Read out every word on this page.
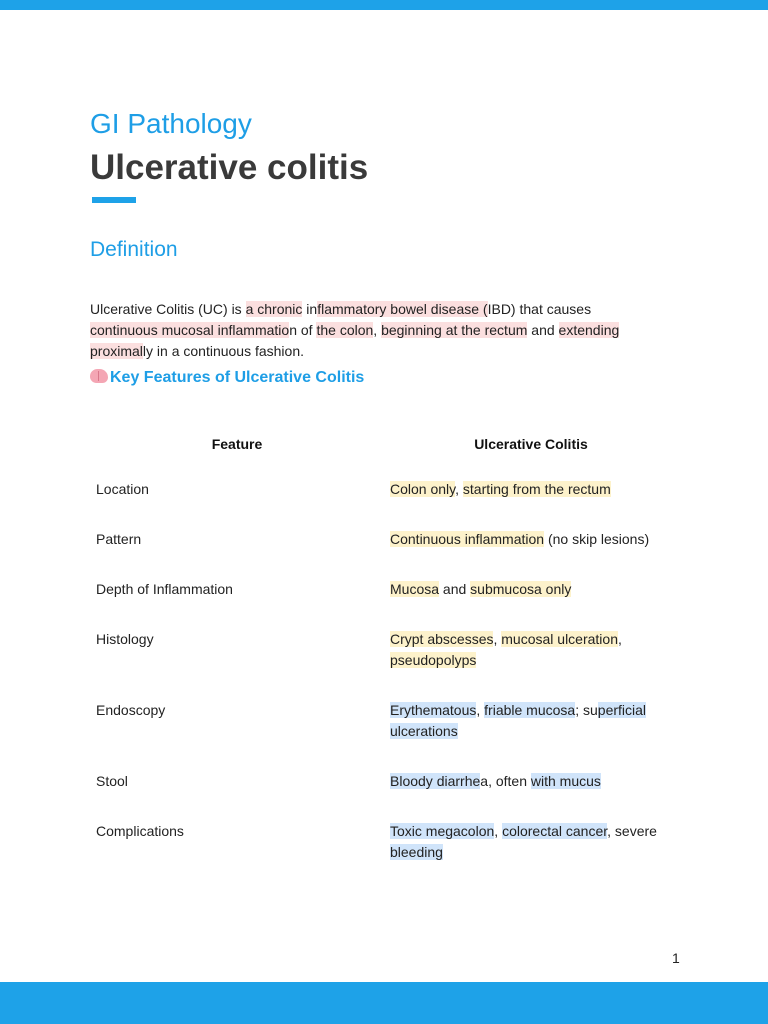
GI Pathology
Ulcerative colitis
Definition

Ulcerative Colitis (UC) is a chronic inflammatory bowel disease (IBD) that causes continuous mucosal inflammation of the colon, beginning at the rectum and extending proximally in a continuous fashion.

Key Features of Ulcerative Colitis
Feature	Ulcerative Colitis
Location	Colon only, starting from the rectum
Pattern	Continuous inflammation (no skip lesions)
Depth of Inflammation	Mucosa and submucosa only
Histology	Crypt abscesses, mucosal ulceration, pseudopolyps
Endoscopy	Erythematous, friable mucosa; superficial ulcerations
Stool	Bloody diarrhea, often with mucus
Complications	Toxic megacolon, colorectal cancer, severe bleeding
1
